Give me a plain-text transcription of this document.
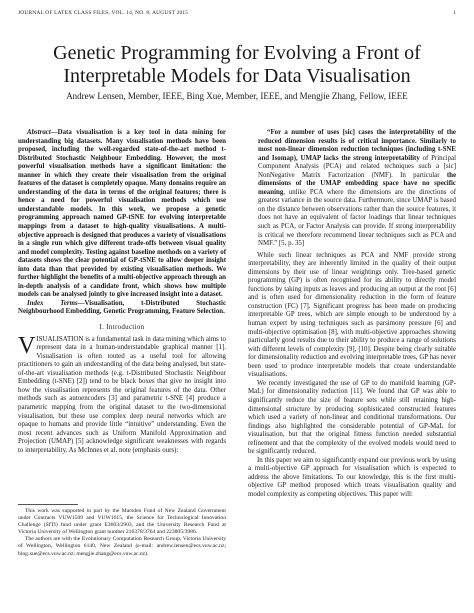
JOURNAL OF LATEX CLASS FILES, VOL. 14, NO. 8, AUGUST 2015	1
Genetic Programming for Evolving a Front of Interpretable Models for Data Visualisation
Andrew Lensen, Member, IEEE, Bing Xue, Member, IEEE, and Mengjie Zhang, Fellow, IEEE

Abstract—Data visualisation is a key tool in data mining for understanding big datasets. Many visualisation methods have been proposed, including the well-regarded state-of-the-art method t-Distributed Stochastic Neighbour Embedding. However, the most powerful visualisation methods have a significant limitation: the manner in which they create their visualisation from the original features of the dataset is completely opaque. Many domains require an understanding of the data in terms of the original features; there is hence a need for powerful visualisation methods which use understandable models. In this work, we propose a genetic programming approach named GP-tSNE for evolving interpretable mappings from a dataset to high-quality visualisations. A multi-objective approach is designed that produces a variety of visualisations in a single run which give different trade-offs between visual quality and model complexity. Testing against baseline methods on a variety of datasets shows the clear potential of GP-tSNE to allow deeper insight into data than that provided by existing visualisation methods. We further highlight the benefits of a multi-objective approach through an in-depth analysis of a candidate front, which shows how multiple models can be analysed jointly to give increased insight into a dataset.

Index Terms—Visualisation, t-Distributed Stochastic Neighbourhood Embedding, Genetic Programming, Feature Selection.

I. Introduction

VISUALISATION is a fundamental task in data mining which aims to represent data in a human-understandable graphical manner [1]. Visualisation is often touted as a useful tool for allowing practitioners to gain an understanding of the data being analysed, but state-of-the-art visualisation methods (e.g. t-Distributed Stochastic Neighbour Embedding (t-SNE) [2]) tend to be black boxes that give no insight into how the visualisation represents the original features of the data. Other methods such as autoencoders [3] and parametric t-SNE [4] produce a parametric mapping from the original dataset to the two-dimensional visualisation, but these use complex deep neural networks which are opaque to humans and provide little “intuitive” understanding. Even the most recent advances such as Uniform Manifold Approximation and Projection (UMAP) [5] acknowledge significant weaknesses with regards to interpretability. As McInnes et al. note (emphasis ours):

This work was supported in part by the Marsden Fund of New Zealand Government under Contracts VUW1509 and VUW1615, the Science for Technological Innovation Challenge (SfTI) fund under grant E3603/2903, and the University Research Fund at Victoria University of Wellington grant number 216378/3764 and 223805/3986.

The authors are with the Evolutionary Computation Research Group, Victoria University of Wellington, Wellington 6140, New Zealand (e-mail: andrew.lensen@ecs.vuw.ac.nz; bing.xue@ecs.vuw.ac.nz; mengjie.zhang@ecs.vuw.ac.nz).

“For a number of uses [sic] cases the interpretability of the reduced dimension results is of critical importance. Similarly to most non-linear dimension reduction techniques (including t-SNE and Isomap), UMAP lacks the strong interpretability of Principal Component Analysis (PCA) and related techniques such a [sic] NonNegative Matrix Factorization (NMF). In particular the dimensions of the UMAP embedding space have no specific meaning, unlike PCA where the dimensions are the directions of greatest variance in the source data. Furthermore, since UMAP is based on the distance between observations rather than the source features, it does not have an equivalent of factor loadings that linear techniques such as PCA, or Factor Analysis can provide. If strong interpretability is critical we therefore recommend linear techniques such as PCA and NMF.” [5, p. 35]

While such linear techniques as PCA and NMF provide strong interpretability, they are inherently limited in the quality of their output dimensions by their use of linear weightings only. Tree-based genetic programming (GP) is often recognised for its ability to directly model functions by taking inputs as leaves and producing an output at the root [6] and is often used for dimensionality reduction in the form of feature construction (FC) [7]. Significant progress has been made on producing interpretable GP trees, which are simple enough to be understood by a human expert by using techniques such as parsimony pressure [6] and multi-objective optimisation [8], with multi-objective approaches showing particularly good results due to their ability to produce a range of solutions with different levels of complexity [9], [10]. Despite being clearly suitable for dimensionality reduction and evolving interpretable trees, GP has never been used to produce interpretable models that create understandable visualisations.

We recently investigated the use of GP to do manifold learning (GP-MaL) for dimensionality reduction [11]. We found that GP was able to significantly reduce the size of feature sets while still retaining high-dimensional structure by producing sophisticated constructed features which used a variety of non-linear and conditional transformations. Our findings also highlighted the considerable potential of GP-MaL for visualisation, but that the original fitness function needed substantial refinement and that the complexity of the evolved models would need to be significantly reduced.

In this paper we aim to significantly expand our previous work by using a multi-objective GP approach for visualisation which is expected to address the above limitations. To our knowledge, this is the first multi-objective GP method proposed which treats visualisation quality and model complexity as competing objectives. This paper will:
